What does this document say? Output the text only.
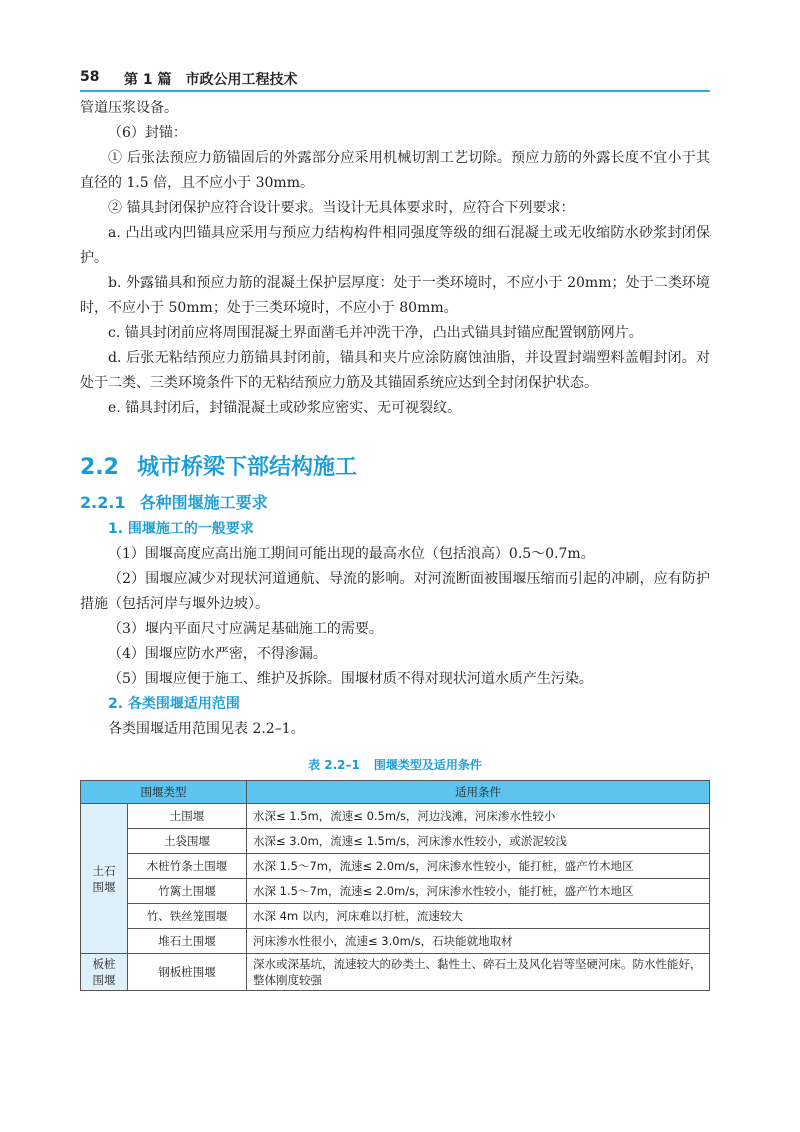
58 第 1 篇　市政公用工程技术

管道压浆设备。

（6）封锚：

① 后张法预应力筋锚固后的外露部分应采用机械切割工艺切除。预应力筋的外露长度不宜小于其直径的 1.5 倍，且不应小于 30mm。

② 锚具封闭保护应符合设计要求。当设计无具体要求时，应符合下列要求：

a. 凸出或内凹锚具应采用与预应力结构构件相同强度等级的细石混凝土或无收缩防水砂浆封闭保护。

b. 外露锚具和预应力筋的混凝土保护层厚度：处于一类环境时，不应小于 20mm；处于二类环境时，不应小于 50mm；处于三类环境时，不应小于 80mm。

c. 锚具封闭前应将周围混凝土界面凿毛并冲洗干净，凸出式锚具封锚应配置钢筋网片。

d. 后张无粘结预应力筋锚具封闭前，锚具和夹片应涂防腐蚀油脂，并设置封端塑料盖帽封闭。对处于二类、三类环境条件下的无粘结预应力筋及其锚固系统应达到全封闭保护状态。

e. 锚具封闭后，封锚混凝土或砂浆应密实、无可视裂纹。

2.2 城市桥梁下部结构施工
2.2.1 各种围堰施工要求
1. 围堰施工的一般要求

（1）围堰高度应高出施工期间可能出现的最高水位（包括浪高）0.5～0.7m。

（2）围堰应减少对现状河道通航、导流的影响。对河流断面被围堰压缩而引起的冲刷，应有防护措施（包括河岸与堰外边坡）。

（3）堰内平面尺寸应满足基础施工的需要。

（4）围堰应防水严密，不得渗漏。

（5）围堰应便于施工、维护及拆除。围堰材质不得对现状河道水质产生污染。

2. 各类围堰适用范围

各类围堰适用范围见表 2.2–1。

表 2.2–1 围堰类型及适用条件
围堰类型		适用条件
土石围堰	土围堰	水深≤ 1.5m，流速≤ 0.5m/s，河边浅滩，河床渗水性较小
	土袋围堰	水深≤ 3.0m，流速≤ 1.5m/s，河床渗水性较小，或淤泥较浅
	木桩竹条土围堰	水深 1.5～7m，流速≤ 2.0m/s，河床渗水性较小，能打桩，盛产竹木地区
	竹篱土围堰	水深 1.5～7m，流速≤ 2.0m/s，河床渗水性较小，能打桩，盛产竹木地区
	竹、铁丝笼围堰	水深 4m 以内，河床难以打桩，流速较大
	堆石土围堰	河床渗水性很小，流速≤ 3.0m/s，石块能就地取材
板桩围堰	钢板桩围堰	深水或深基坑，流速较大的砂类土、黏性土、碎石土及风化岩等坚硬河床。防水性能好，整体刚度较强
